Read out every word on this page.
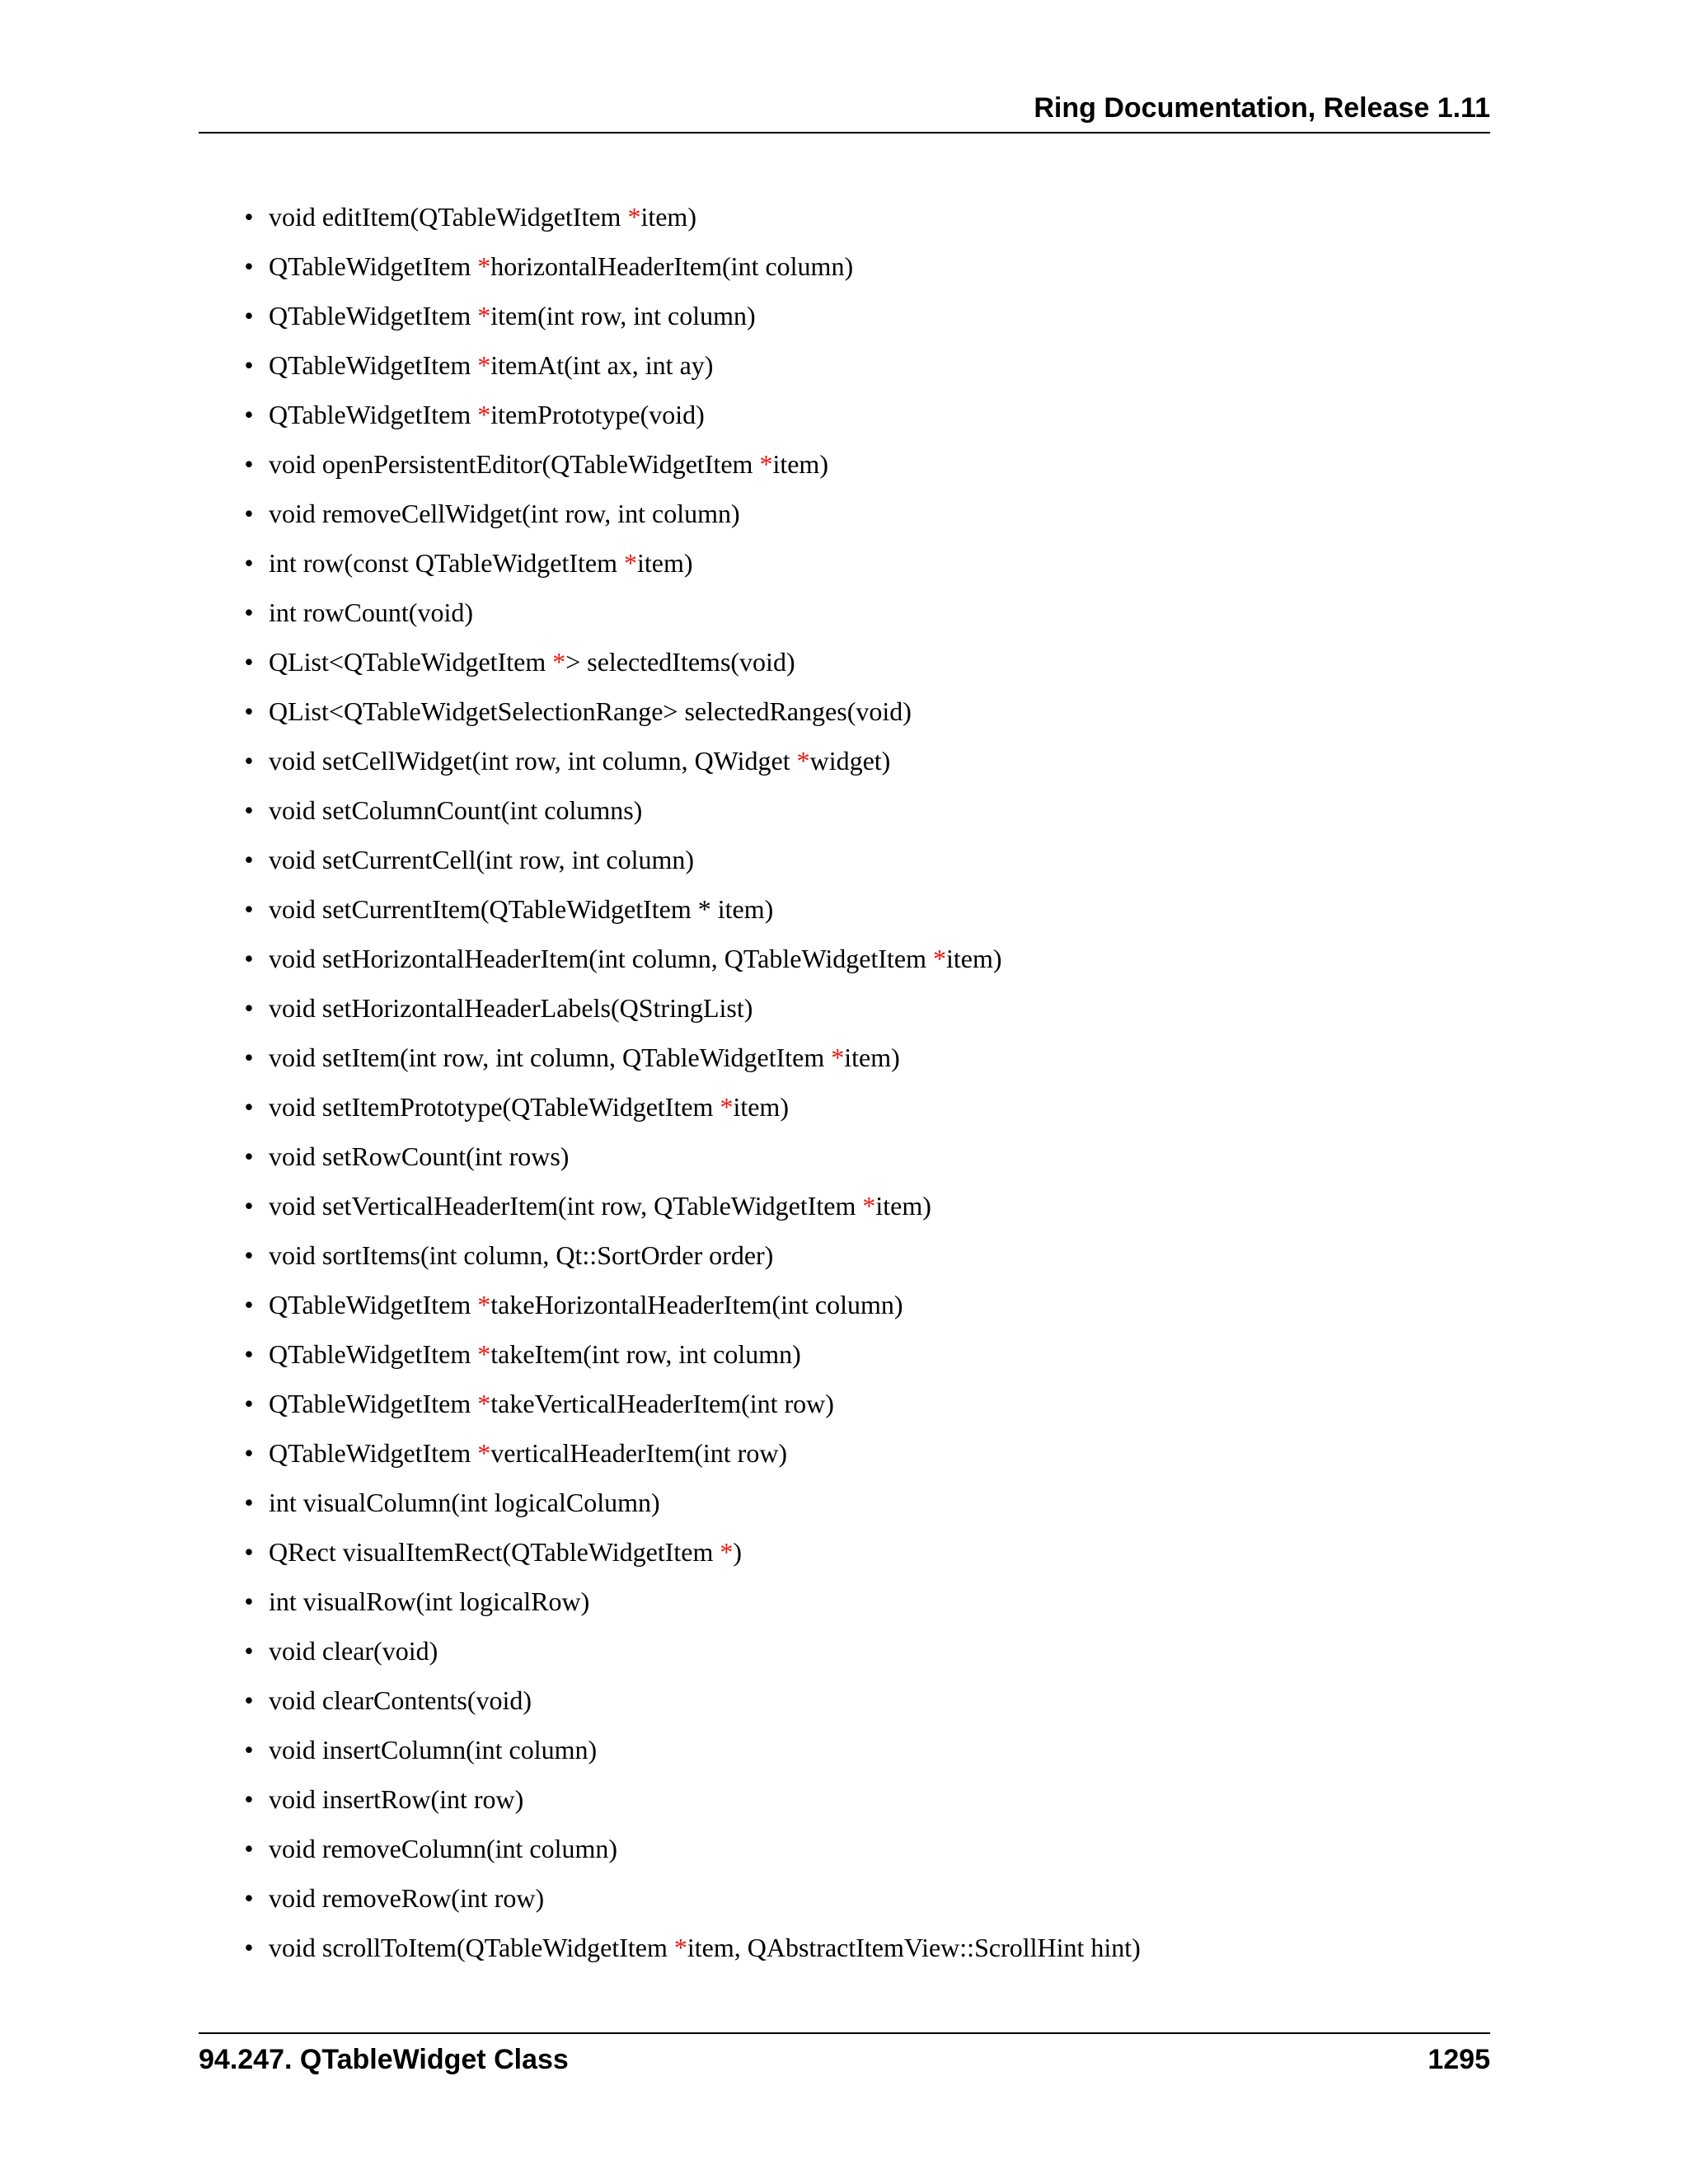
Ring Documentation, Release 1.11
• void editItem(QTableWidgetItem *item)
• QTableWidgetItem *horizontalHeaderItem(int column)
• QTableWidgetItem *item(int row, int column)
• QTableWidgetItem *itemAt(int ax, int ay)
• QTableWidgetItem *itemPrototype(void)
• void openPersistentEditor(QTableWidgetItem *item)
• void removeCellWidget(int row, int column)
• int row(const QTableWidgetItem *item)
• int rowCount(void)
• QList<QTableWidgetItem *> selectedItems(void)
• QList<QTableWidgetSelectionRange> selectedRanges(void)
• void setCellWidget(int row, int column, QWidget *widget)
• void setColumnCount(int columns)
• void setCurrentCell(int row, int column)
• void setCurrentItem(QTableWidgetItem * item)
• void setHorizontalHeaderItem(int column, QTableWidgetItem *item)
• void setHorizontalHeaderLabels(QStringList)
• void setItem(int row, int column, QTableWidgetItem *item)
• void setItemPrototype(QTableWidgetItem *item)
• void setRowCount(int rows)
• void setVerticalHeaderItem(int row, QTableWidgetItem *item)
• void sortItems(int column, Qt::SortOrder order)
• QTableWidgetItem *takeHorizontalHeaderItem(int column)
• QTableWidgetItem *takeItem(int row, int column)
• QTableWidgetItem *takeVerticalHeaderItem(int row)
• QTableWidgetItem *verticalHeaderItem(int row)
• int visualColumn(int logicalColumn)
• QRect visualItemRect(QTableWidgetItem *)
• int visualRow(int logicalRow)
• void clear(void)
• void clearContents(void)
• void insertColumn(int column)
• void insertRow(int row)
• void removeColumn(int column)
• void removeRow(int row)
• void scrollToItem(QTableWidgetItem *item, QAbstractItemView::ScrollHint hint)
94.247. QTableWidget Class	1295
